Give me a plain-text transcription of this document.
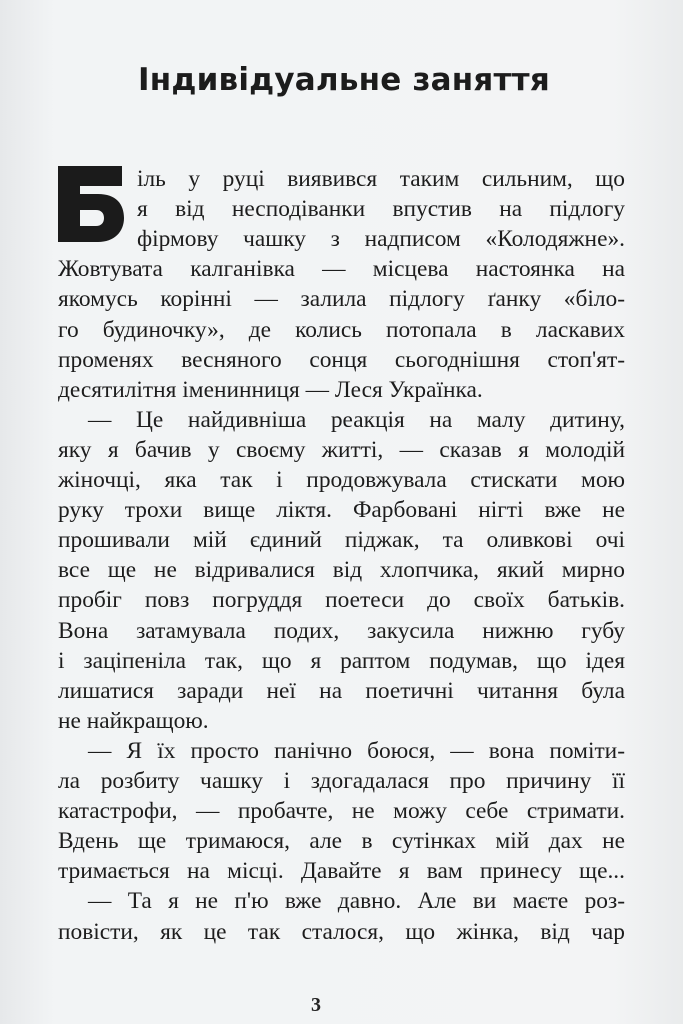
Індивідуальне заняття

іль у руці виявився таким сильним, що

я від несподіванки впустив на підлогу

фірмову чашку з надписом «Колодяжне».

Жовтувата калганівка — місцева настоянка на

якомусь корінні — залила підлогу ґанку «біло-

го будиночку», де колись потопала в ласкавих

променях весняного сонця сьогоднішня стоп'ят-

десятилітня іменинниця — Леся Українка.

— Це найдивніша реакція на малу дитину,

яку я бачив у своєму житті, — сказав я молодій

жіночці, яка так і продовжувала стискати мою

руку трохи вище ліктя. Фарбовані нігті вже не

прошивали мій єдиний піджак, та оливкові очі

все ще не відривалися від хлопчика, який мирно

пробіг повз погруддя поетеси до своїх батьків.

Вона затамувала подих, закусила нижню губу

і заціпеніла так, що я раптом подумав, що ідея

лишатися заради неї на поетичні читання була

не найкращою.

— Я їх просто панічно боюся, — вона поміти-

ла розбиту чашку і здогадалася про причину її

катастрофи, — пробачте, не можу себе стримати.

Вдень ще тримаюся, але в сутінках мій дах не

тримається на місці. Давайте я вам принесу ще...

— Та я не п'ю вже давно. Але ви маєте роз-

повісти, як це так сталося, що жінка, від чар

3
